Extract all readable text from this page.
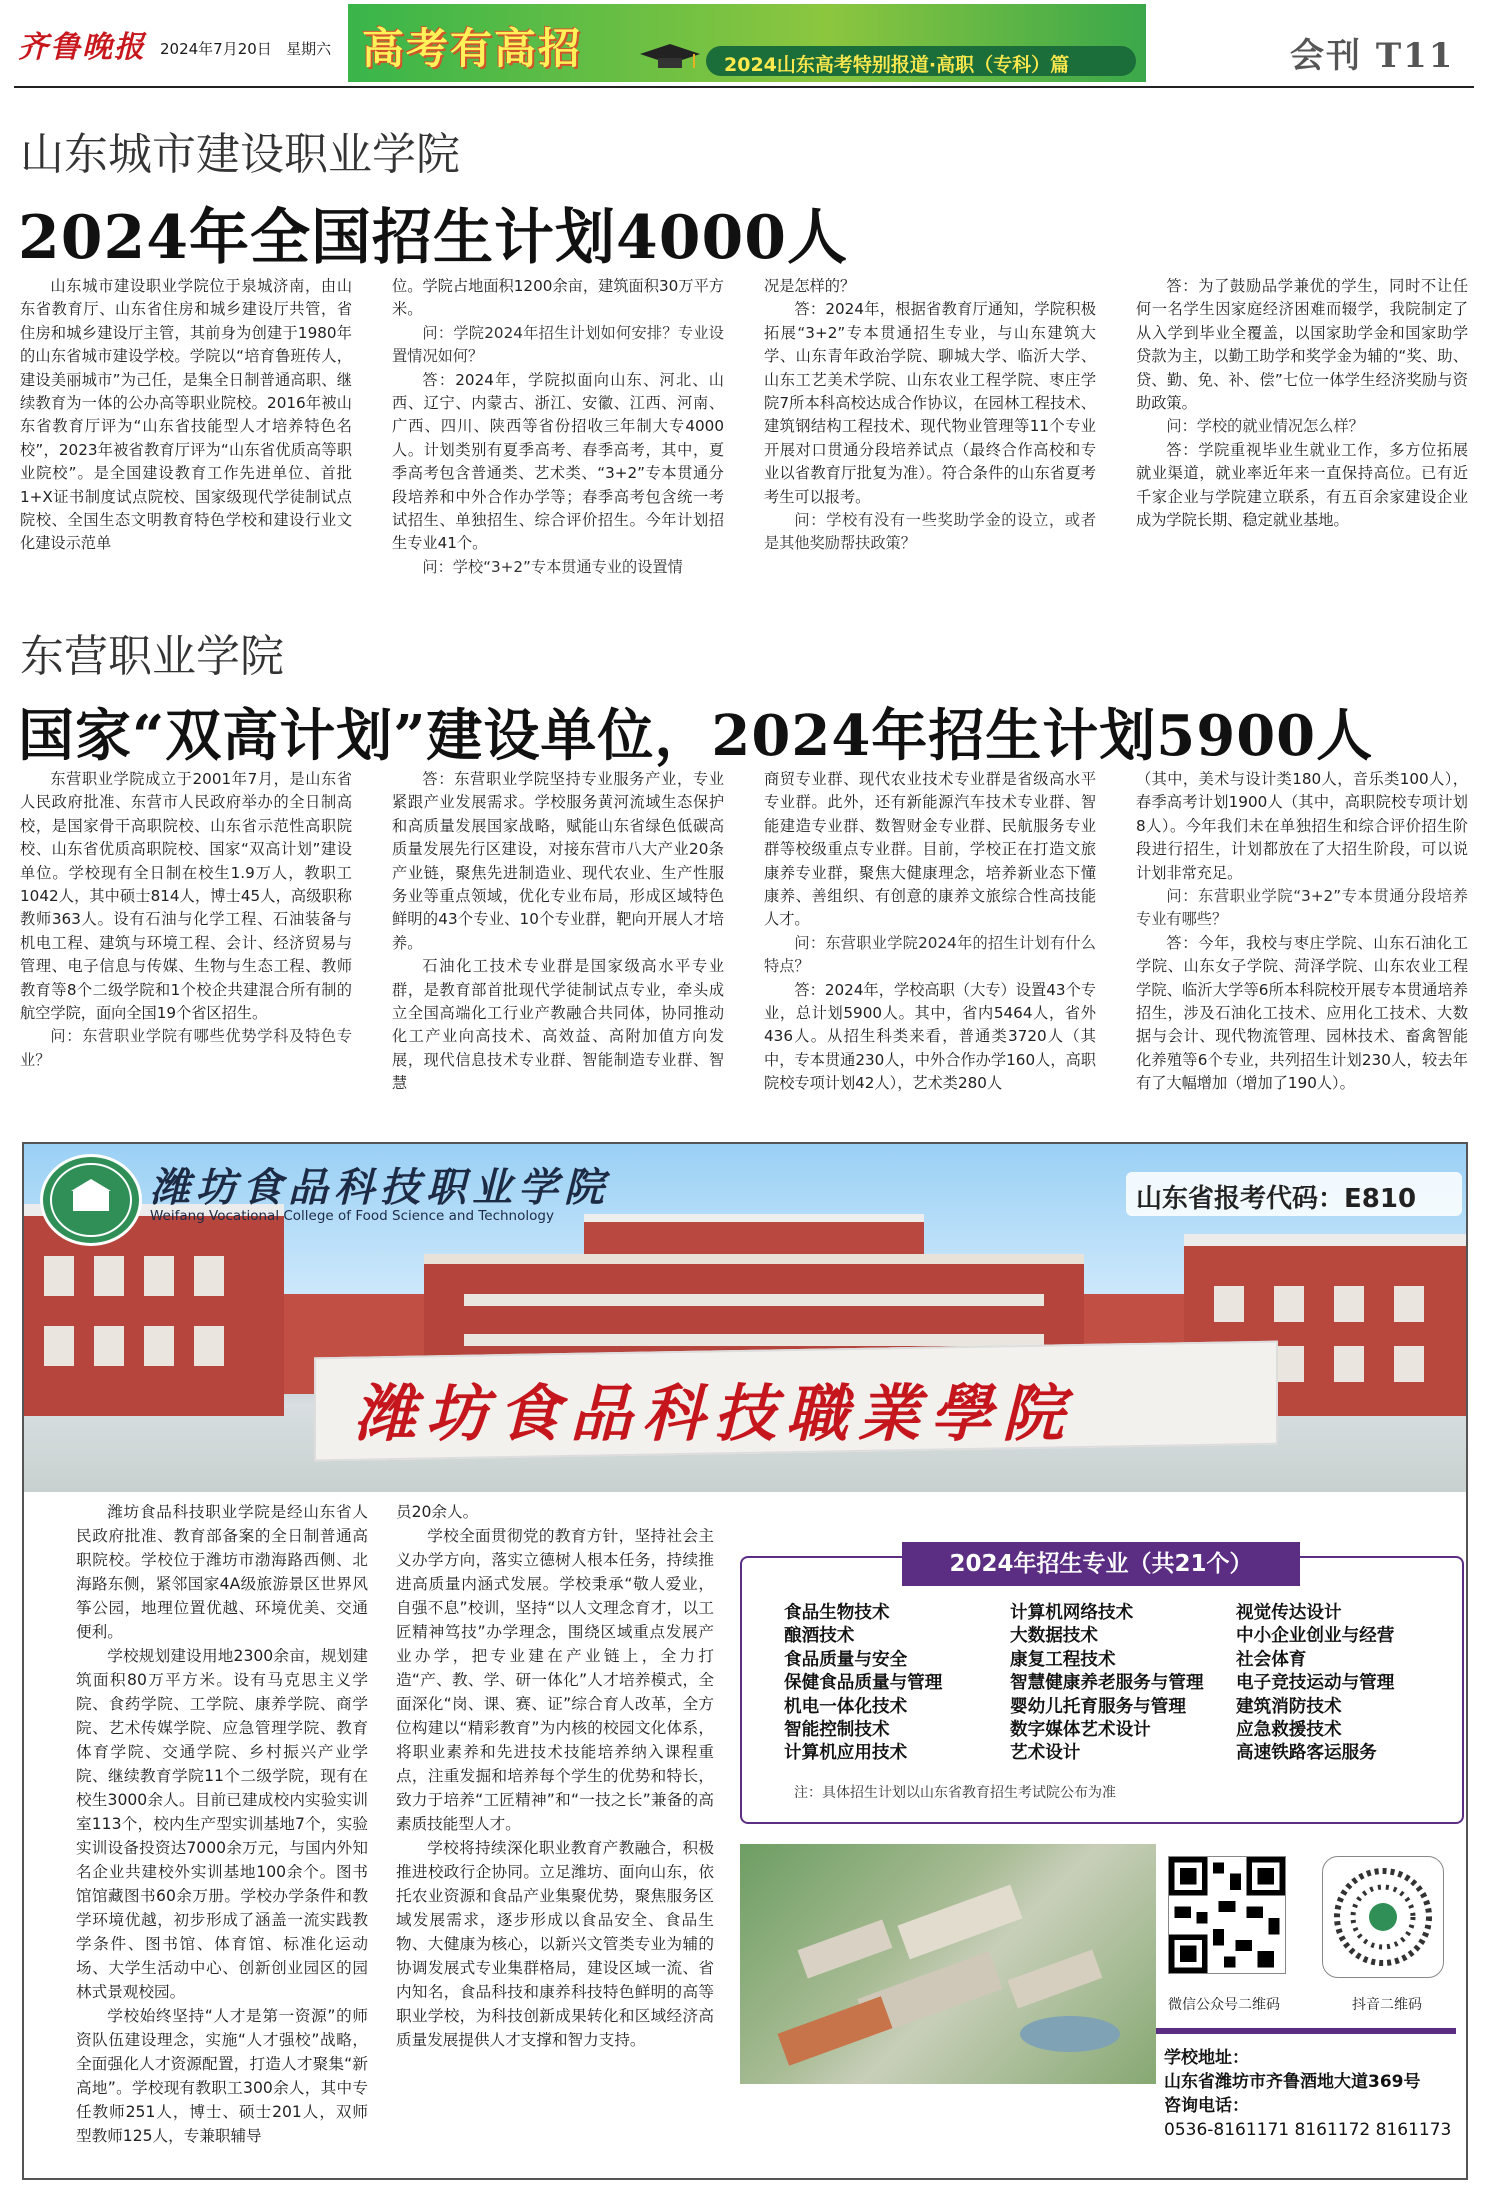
齐鲁晚报 2024年7月20日 星期六 高考有高招	2024山东高考特别报道·高职（专科）篇	会刊 T11
山东城市建设职业学院
2024年全国招生计划4000人

山东城市建设职业学院位于泉城济南，由山东省教育厅、山东省住房和城乡建设厅共管，省住房和城乡建设厅主管，其前身为创建于1980年的山东省城市建设学校。学院以“培育鲁班传人，建设美丽城市”为己任，是集全日制普通高职、继续教育为一体的公办高等职业院校。2016年被山东省教育厅评为“山东省技能型人才培养特色名校”，2023年被省教育厅评为“山东省优质高等职业院校”。是全国建设教育工作先进单位、首批1+X证书制度试点院校、国家级现代学徒制试点院校、全国生态文明教育特色学校和建设行业文化建设示范单

位。学院占地面积1200余亩，建筑面积30万平方米。

问：学院2024年招生计划如何安排？专业设置情况如何？

答：2024年，学院拟面向山东、河北、山西、辽宁、内蒙古、浙江、安徽、江西、河南、广西、四川、陕西等省份招收三年制大专4000人。计划类别有夏季高考、春季高考，其中，夏季高考包含普通类、艺术类、“3+2”专本贯通分段培养和中外合作办学等；春季高考包含统一考试招生、单独招生、综合评价招生。今年计划招生专业41个。

问：学校“3+2”专本贯通专业的设置情

况是怎样的？

答：2024年，根据省教育厅通知，学院积极拓展“3+2”专本贯通招生专业，与山东建筑大学、山东青年政治学院、聊城大学、临沂大学、山东工艺美术学院、山东农业工程学院、枣庄学院7所本科高校达成合作协议，在园林工程技术、建筑钢结构工程技术、现代物业管理等11个专业开展对口贯通分段培养试点（最终合作高校和专业以省教育厅批复为准）。符合条件的山东省夏考考生可以报考。

问：学校有没有一些奖助学金的设立，或者是其他奖励帮扶政策？

答：为了鼓励品学兼优的学生，同时不让任何一名学生因家庭经济困难而辍学，我院制定了从入学到毕业全覆盖，以国家助学金和国家助学贷款为主，以勤工助学和奖学金为辅的“奖、助、贷、勤、免、补、偿”七位一体学生经济奖励与资助政策。

问：学校的就业情况怎么样？

答：学院重视毕业生就业工作，多方位拓展就业渠道，就业率近年来一直保持高位。已有近千家企业与学院建立联系，有五百余家建设企业成为学院长期、稳定就业基地。

东营职业学院
国家“双高计划”建设单位，2024年招生计划5900人

东营职业学院成立于2001年7月，是山东省人民政府批准、东营市人民政府举办的全日制高校，是国家骨干高职院校、山东省示范性高职院校、山东省优质高职院校、国家“双高计划”建设单位。学校现有全日制在校生1.9万人，教职工1042人，其中硕士814人，博士45人，高级职称教师363人。设有石油与化学工程、石油装备与机电工程、建筑与环境工程、会计、经济贸易与管理、电子信息与传媒、生物与生态工程、教师教育等8个二级学院和1个校企共建混合所有制的航空学院，面向全国19个省区招生。

问：东营职业学院有哪些优势学科及特色专业？

答：东营职业学院坚持专业服务产业，专业紧跟产业发展需求。学校服务黄河流域生态保护和高质量发展国家战略，赋能山东省绿色低碳高质量发展先行区建设，对接东营市八大产业20条产业链，聚焦先进制造业、现代农业、生产性服务业等重点领域，优化专业布局，形成区域特色鲜明的43个专业、10个专业群，靶向开展人才培养。

石油化工技术专业群是国家级高水平专业群，是教育部首批现代学徒制试点专业，牵头成立全国高端化工行业产教融合共同体，协同推动化工产业向高技术、高效益、高附加值方向发展，现代信息技术专业群、智能制造专业群、智慧

商贸专业群、现代农业技术专业群是省级高水平专业群。此外，还有新能源汽车技术专业群、智能建造专业群、数智财金专业群、民航服务专业群等校级重点专业群。目前，学校正在打造文旅康养专业群，聚焦大健康理念，培养新业态下懂康养、善组织、有创意的康养文旅综合性高技能人才。

问：东营职业学院2024年的招生计划有什么特点？

答：2024年，学校高职（大专）设置43个专业，总计划5900人。其中，省内5464人，省外436人。从招生科类来看，普通类3720人（其中，专本贯通230人，中外合作办学160人，高职院校专项计划42人），艺术类280人

（其中，美术与设计类180人，音乐类100人），春季高考计划1900人（其中，高职院校专项计划8人）。今年我们未在单独招生和综合评价招生阶段进行招生，计划都放在了大招生阶段，可以说计划非常充足。

问：东营职业学院“3+2”专本贯通分段培养专业有哪些？

答：今年，我校与枣庄学院、山东石油化工学院、山东女子学院、菏泽学院、山东农业工程学院、临沂大学等6所本科院校开展专本贯通培养招生，涉及石油化工技术、应用化工技术、大数据与会计、现代物流管理、园林技术、畜禽智能化养殖等6个专业，共列招生计划230人，较去年有了大幅增加（增加了190人）。

潍坊食品科技職業學院
潍坊食品科技职业学院
Weifang Vocational College of Food Science and Technology
山东省报考代码：E810

潍坊食品科技职业学院是经山东省人民政府批准、教育部备案的全日制普通高职院校。学校位于潍坊市渤海路西侧、北海路东侧，紧邻国家4A级旅游景区世界风筝公园，地理位置优越、环境优美、交通便利。

学校规划建设用地2300余亩，规划建筑面积80万平方米。设有马克思主义学院、食药学院、工学院、康养学院、商学院、艺术传媒学院、应急管理学院、教育体育学院、交通学院、乡村振兴产业学院、继续教育学院11个二级学院，现有在校生3000余人。目前已建成校内实验实训室113个，校内生产型实训基地7个，实验实训设备投资达7000余万元，与国内外知名企业共建校外实训基地100余个。图书馆馆藏图书60余万册。学校办学条件和教学环境优越，初步形成了涵盖一流实践教学条件、图书馆、体育馆、标准化运动场、大学生活动中心、创新创业园区的园林式景观校园。

学校始终坚持“人才是第一资源”的师资队伍建设理念，实施“人才强校”战略，全面强化人才资源配置，打造人才聚集“新高地”。学校现有教职工300余人，其中专任教师251人，博士、硕士201人，双师型教师125人，专兼职辅导

员20余人。

学校全面贯彻党的教育方针，坚持社会主义办学方向，落实立德树人根本任务，持续推进高质量内涵式发展。学校秉承“敬人爱业，自强不息”校训，坚持“以人文理念育才，以工匠精神笃技”办学理念，围绕区域重点发展产业办学，把专业建在产业链上，全力打造“产、教、学、研一体化”人才培养模式，全面深化“岗、课、赛、证”综合育人改革，全方位构建以“精彩教育”为内核的校园文化体系，将职业素养和先进技术技能培养纳入课程重点，注重发掘和培养每个学生的优势和特长，致力于培养“工匠精神”和“一技之长”兼备的高素质技能型人才。

学校将持续深化职业教育产教融合，积极推进校政行企协同。立足潍坊、面向山东，依托农业资源和食品产业集聚优势，聚焦服务区域发展需求，逐步形成以食品安全、食品生物、大健康为核心，以新兴文管类专业为辅的协调发展式专业集群格局，建设区域一流、省内知名，食品科技和康养科技特色鲜明的高等职业学校，为科技创新成果转化和区域经济高质量发展提供人才支撑和智力支持。

2024年招生专业（共21个）
食品生物技术
酿酒技术
食品质量与安全
保健食品质量与管理
机电一体化技术
智能控制技术
计算机应用技术
计算机网络技术
大数据技术
康复工程技术
智慧健康养老服务与管理
婴幼儿托育服务与管理
数字媒体艺术设计
艺术设计
视觉传达设计
中小企业创业与经营
社会体育
电子竞技运动与管理
建筑消防技术
应急救援技术
高速铁路客运服务
注：具体招生计划以山东省教育招生考试院公布为准
微信公众号二维码	抖音二维码
学校地址：
山东省潍坊市齐鲁酒地大道369号
咨询电话：
0536-8161171 8161172 8161173
